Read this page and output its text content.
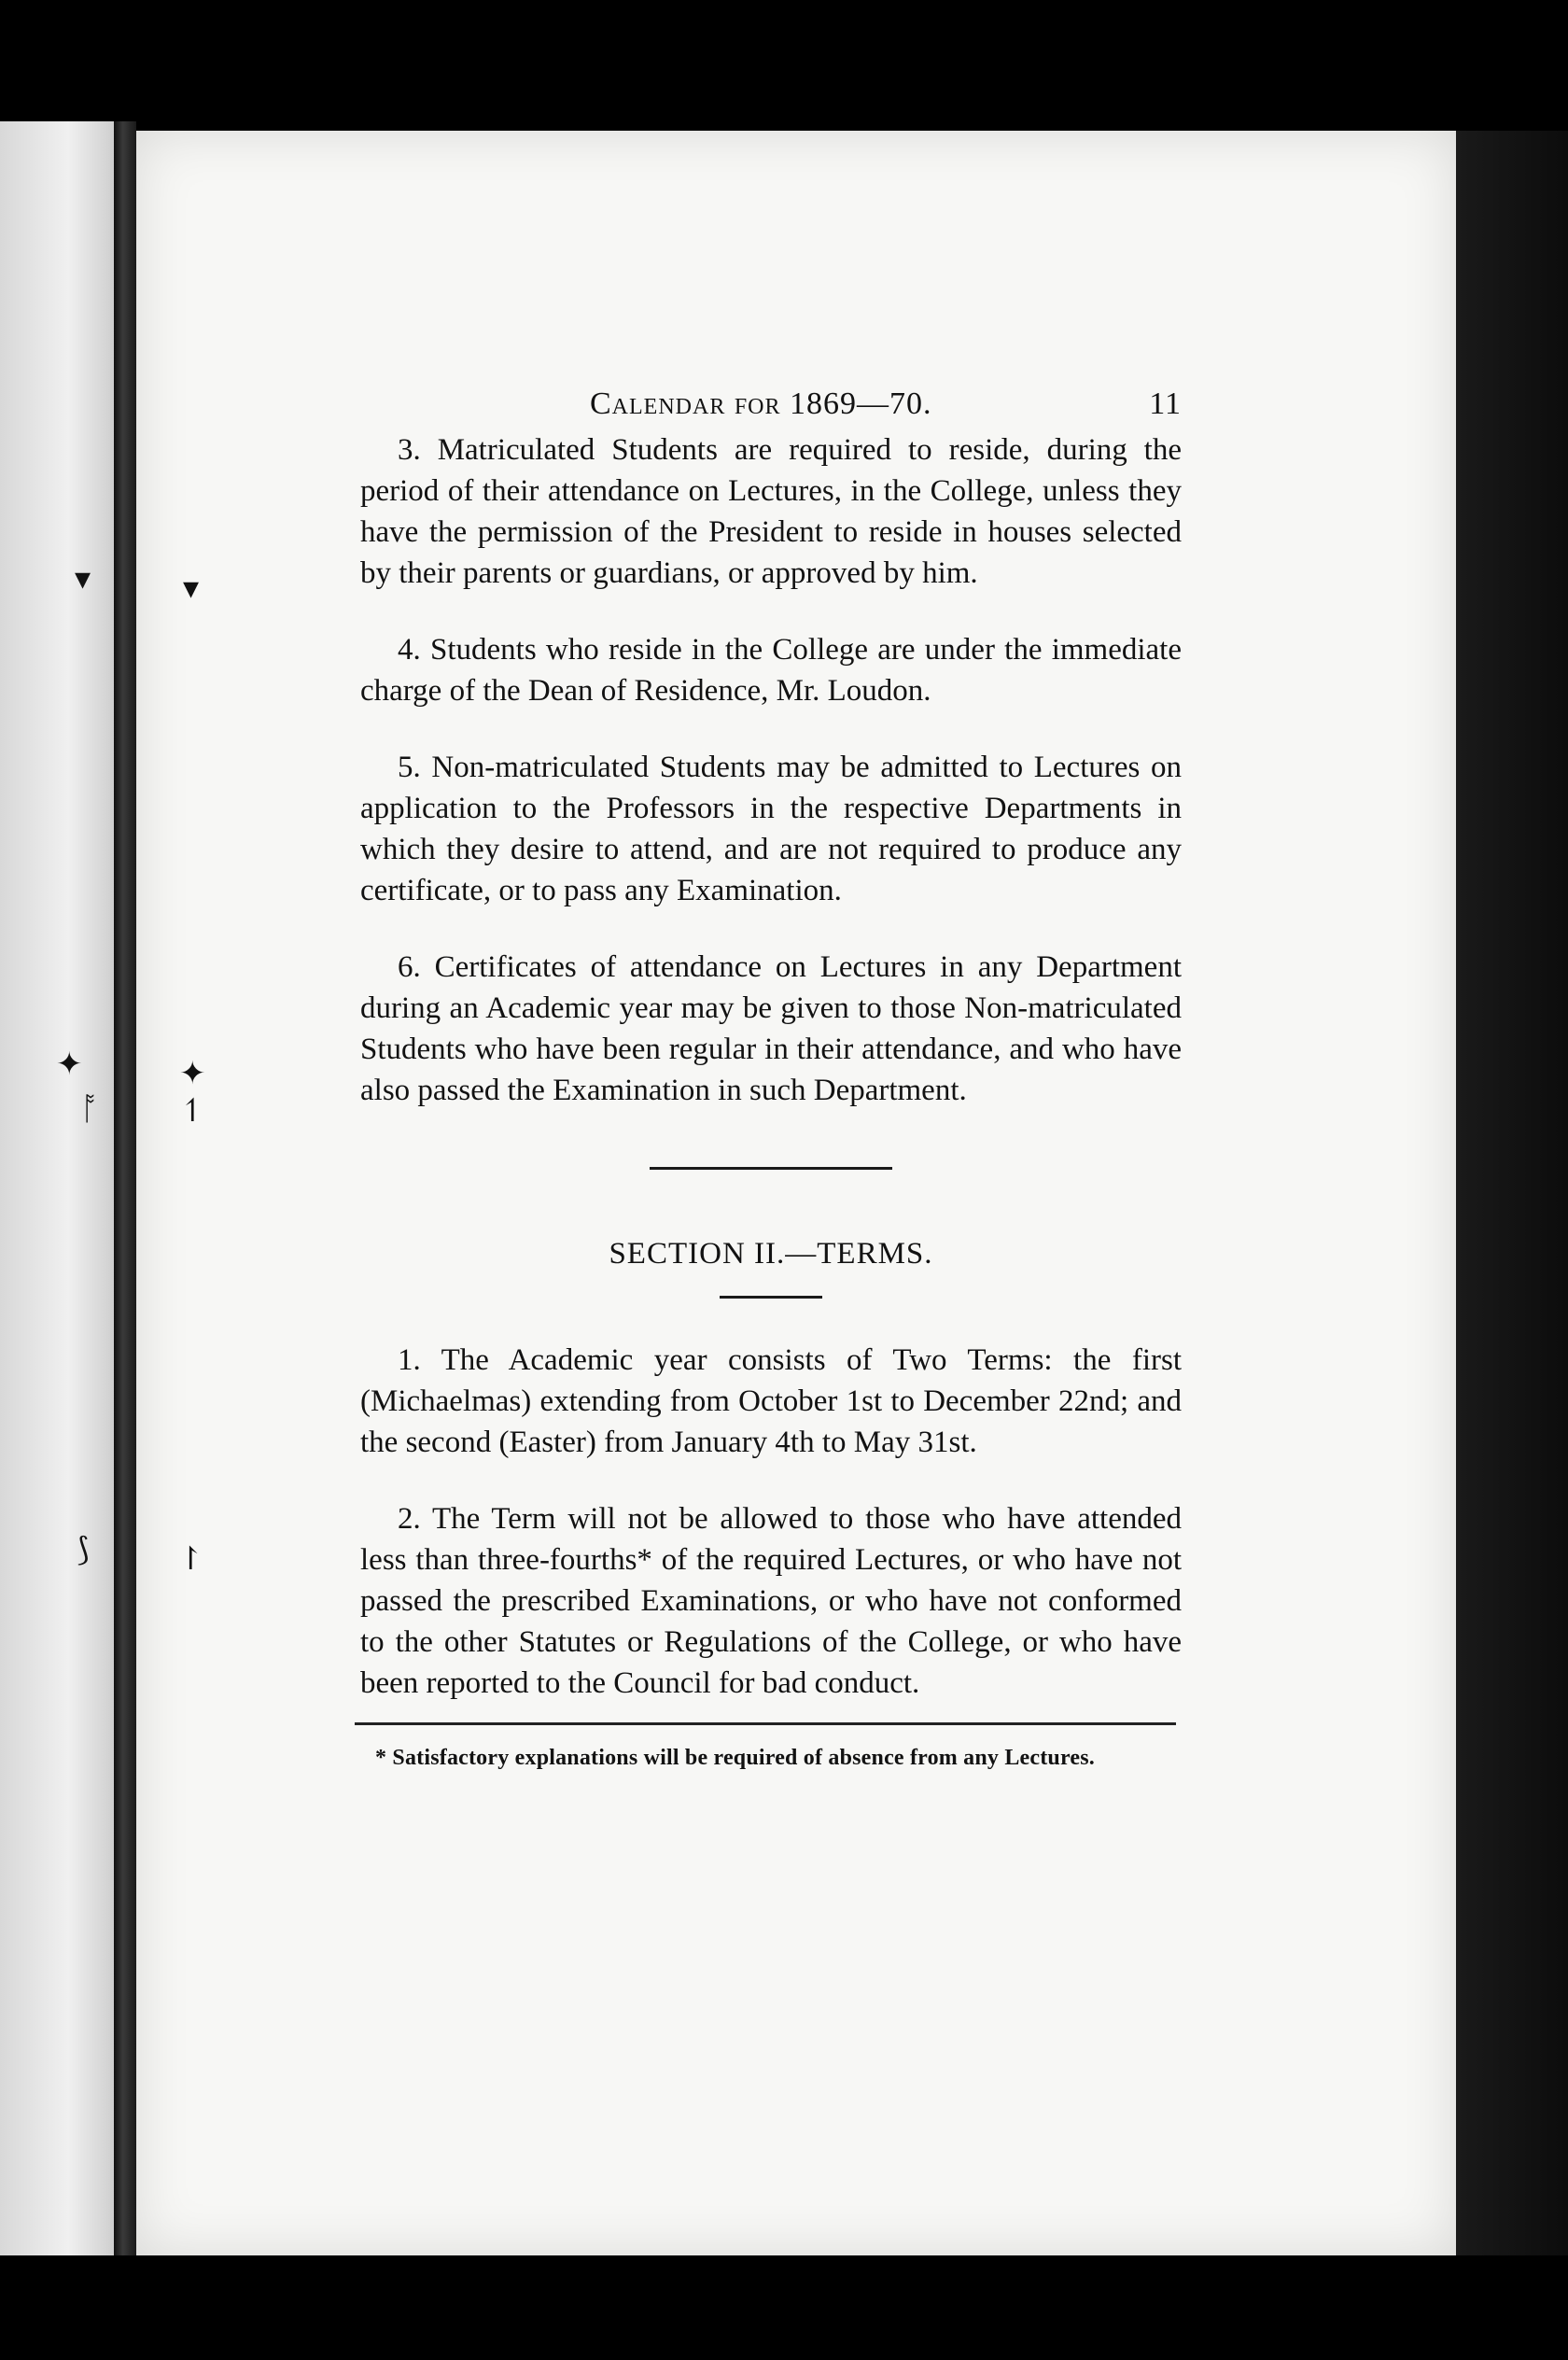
▾
✦
ᚩ
⟆
▾
✦
↿
↾
Calendar for 1869—70.	11

3. Matriculated Students are required to reside, during the period of their attendance on Lectures, in the College, unless they have the permission of the President to reside in houses selected by their parents or guardians, or approved by him.

4. Students who reside in the College are under the immediate charge of the Dean of Residence, Mr. Loudon.

5. Non-matriculated Students may be admitted to Lectures on application to the Professors in the respective Departments in which they desire to attend, and are not required to produce any certificate, or to pass any Examination.

6. Certificates of attendance on Lectures in any Department during an Academic year may be given to those Non-matriculated Students who have been regular in their attendance, and who have also passed the Examination in such Department.

SECTION II.—TERMS.

1. The Academic year consists of Two Terms: the first (Michaelmas) extending from October 1st to December 22nd; and the second (Easter) from January 4th to May 31st.

2. The Term will not be allowed to those who have attended less than three-fourths* of the required Lectures, or who have not passed the prescribed Examinations, or who have not conformed to the other Statutes or Regulations of the College, or who have been reported to the Council for bad conduct.

* Satisfactory explanations will be required of absence from any Lectures.
